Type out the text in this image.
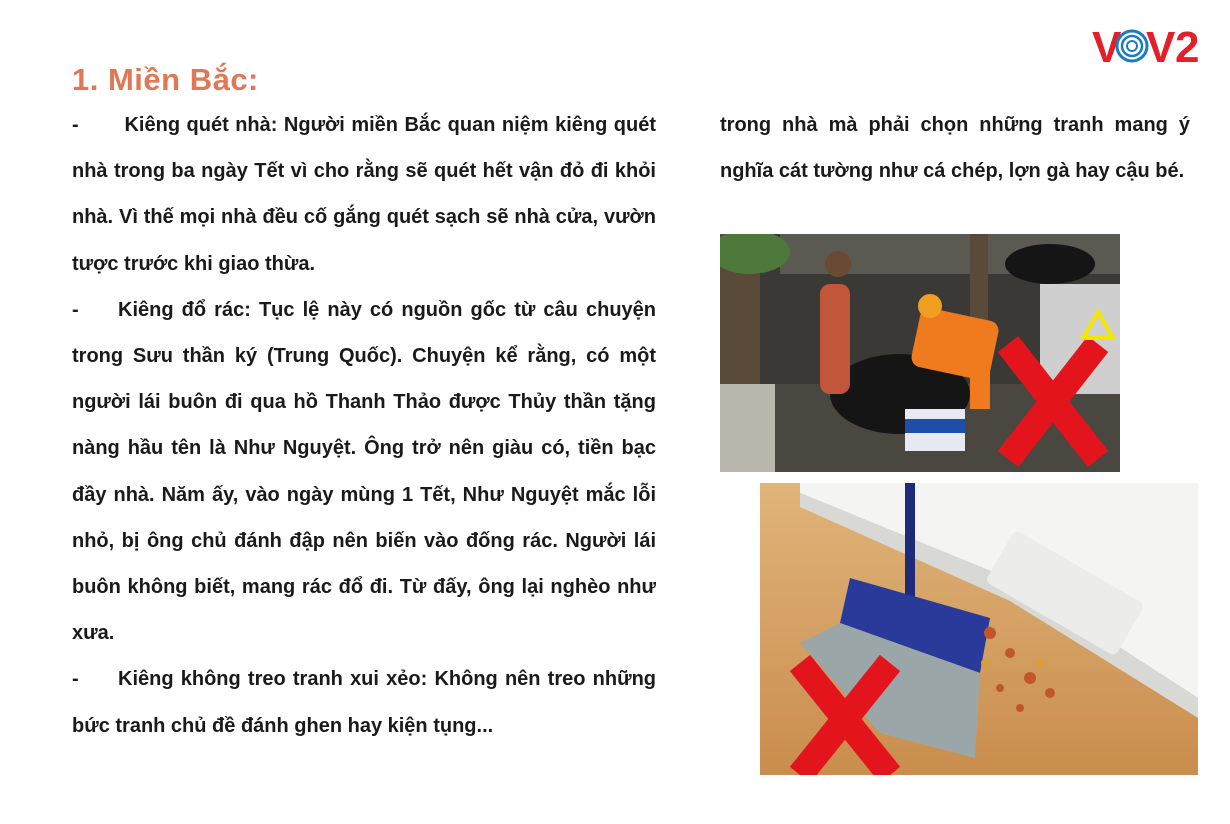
V	O V 2
1. Miền Bắc:

- Kiêng quét nhà: Người miền Bắc quan niệm kiêng quét nhà trong ba ngày Tết vì cho rằng sẽ quét hết vận đỏ đi khỏi nhà. Vì thế mọi nhà đều cố gắng quét sạch sẽ nhà cửa, vườn tược trước khi giao thừa.

- Kiêng đổ rác: Tục lệ này có nguồn gốc từ câu chuyện trong Sưu thần ký (Trung Quốc). Chuyện kể rằng, có một người lái buôn đi qua hồ Thanh Thảo được Thủy thần tặng nàng hầu tên là Như Nguyệt. Ông trở nên giàu có, tiền bạc đầy nhà. Năm ấy, vào ngày mùng 1 Tết, Như Nguyệt mắc lỗi nhỏ, bị ông chủ đánh đập nên biến vào đống rác. Người lái buôn không biết, mang rác đổ đi. Từ đấy, ông lại nghèo như xưa.

- Kiêng không treo tranh xui xẻo: Không nên treo những bức tranh chủ đề đánh ghen hay kiện tụng...

trong nhà mà phải chọn những tranh mang ý nghĩa cát tường như cá chép, lợn gà hay cậu bé.
